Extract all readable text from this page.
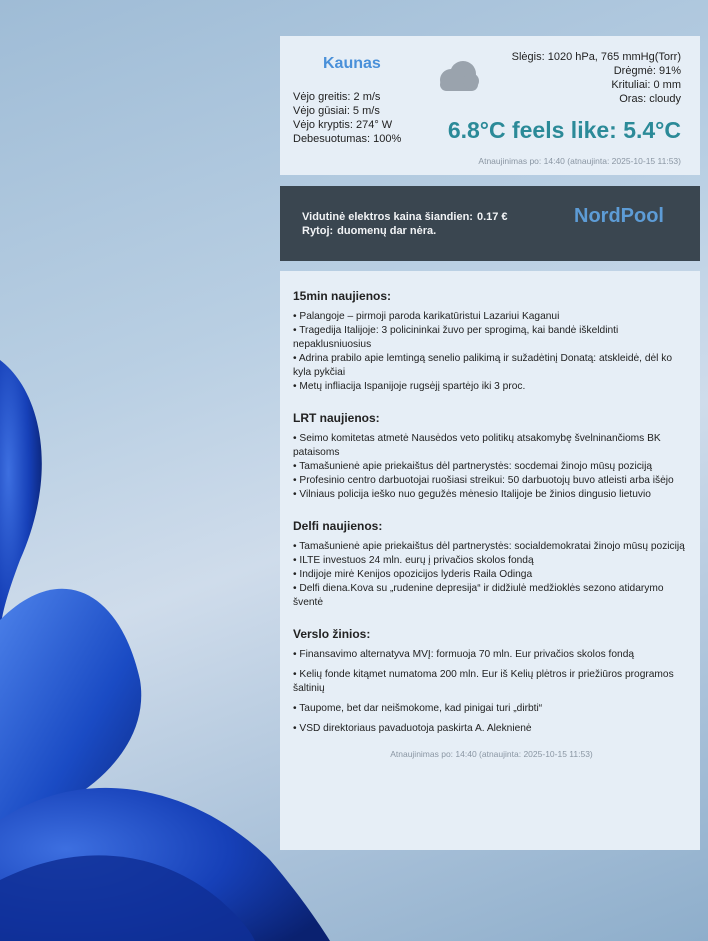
Kaunas
Vėjo greitis: 2 m/s
Vėjo gūsiai: 5 m/s
Vėjo kryptis: 274° W
Debesuotumas: 100%
Slėgis: 1020 hPa, 765 mmHg(Torr)
Drėgmė: 91%
Krituliai: 0 mm
Oras: cloudy
6.8°C feels like: 5.4°C
Atnaujinimas po: 14:40 (atnaujinta: 2025-10-15 11:53)
Vidutinė elektros kaina šiandien: 0.17 €
Rytoj: duomenų dar nėra.
NordPool
15min naujienos:
• Palangoje – pirmoji paroda karikatūristui Lazariui Kaganui
• Tragedija Italijoje: 3 policininkai žuvo per sprogimą, kai bandė iškeldinti nepaklusniuosius
• Adrina prabilo apie lemtingą senelio palikimą ir sužadėtinį Donatą: atskleidė, dėl ko kyla pykčiai
• Metų infliacija Ispanijoje rugsėjį spartėjo iki 3 proc.
LRT naujienos:
• Seimo komitetas atmetė Nausėdos veto politikų atsakomybę švelninančioms BK pataisoms
• Tamašunienė apie priekaištus dėl partnerystės: socdemai žinojo mūsų poziciją
• Profesinio centro darbuotojai ruošiasi streikui: 50 darbuotojų buvo atleisti arba išėjo
• Vilniaus policija ieško nuo gegužės mėnesio Italijoje be žinios dingusio lietuvio
Delfi naujienos:
• Tamašunienė apie priekaištus dėl partnerystės: socialdemokratai žinojo mūsų poziciją
• ILTE investuos 24 mln. eurų į privačios skolos fondą
• Indijoje mirė Kenijos opozicijos lyderis Raila Odinga
• Delfi diena.Kova su „rudenine depresija“ ir didžiulė medžioklės sezono atidarymo šventė
Verslo žinios:
• Finansavimo alternatyva MVĮ: formuoja 70 mln. Eur privačios skolos fondą
• Kelių fonde kitąmet numatoma 200 mln. Eur iš Kelių plėtros ir priežiūros programos šaltinių
• Taupome, bet dar neišmokome, kad pinigai turi „dirbti“
• VSD direktoriaus pavaduotoja paskirta A. Aleknienė
Atnaujinimas po: 14:40 (atnaujinta: 2025-10-15 11:53)
